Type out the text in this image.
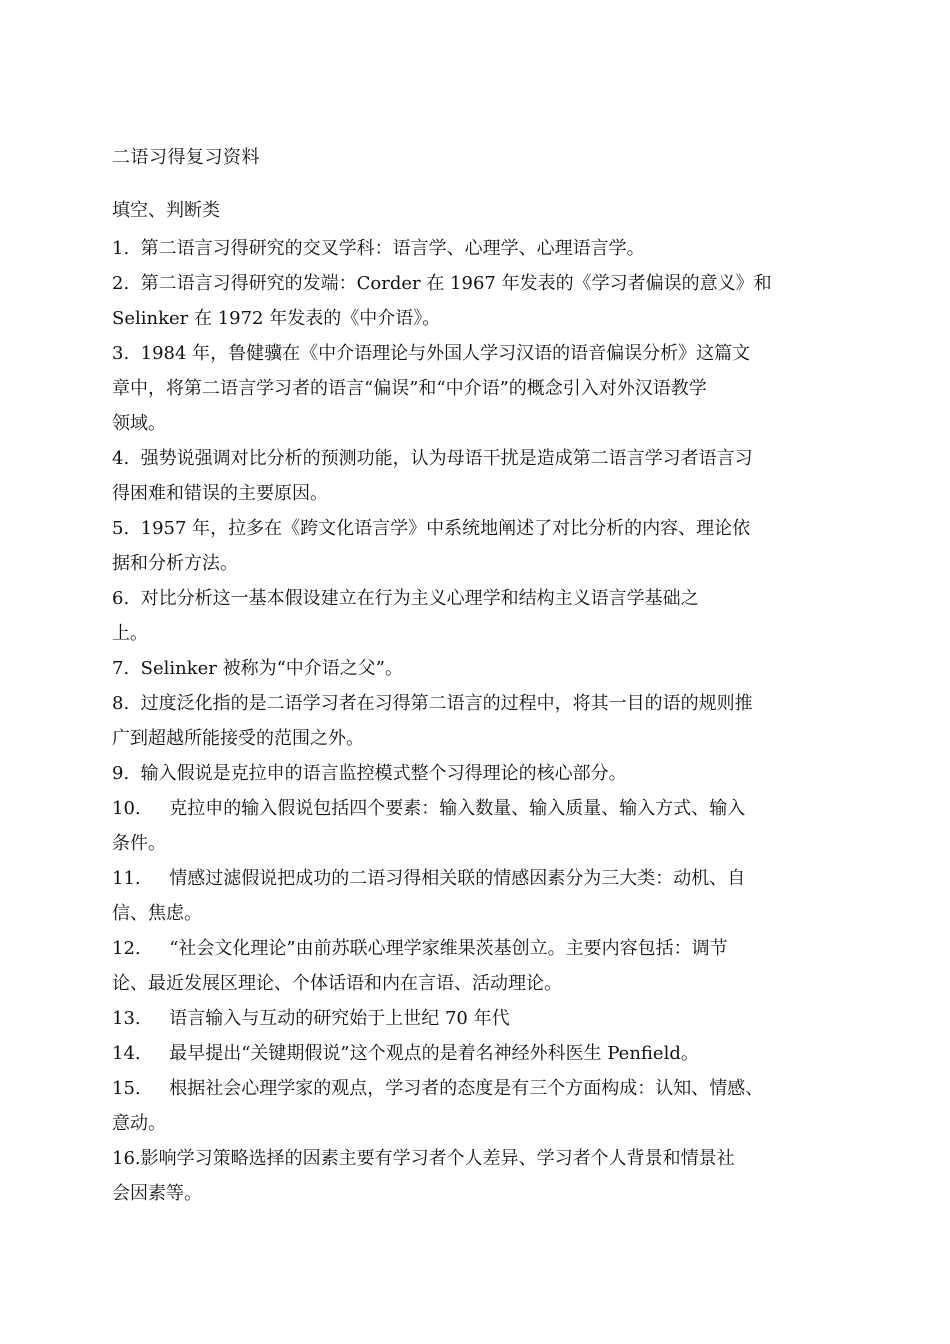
二语习得复习资料
填空、判断类
1.  第二语言习得研究的交叉学科：语言学、心理学、心理语言学。
2.  第二语言习得研究的发端：Corder 在 1967 年发表的《学习者偏误的意义》和
Selinker 在 1972 年发表的《中介语》。
3.  1984 年，鲁健骥在《中介语理论与外国人学习汉语的语音偏误分析》这篇文
章中，将第二语言学习者的语言“偏误”和“中介语”的概念引入对外汉语教学
领域。
4.  强势说强调对比分析的预测功能，认为母语干扰是造成第二语言学习者语言习
得困难和错误的主要原因。
5.  1957 年，拉多在《跨文化语言学》中系统地阐述了对比分析的内容、理论依
据和分析方法。
6.  对比分析这一基本假设建立在行为主义心理学和结构主义语言学基础之
上。
7.  Selinker 被称为“中介语之父”。
8.  过度泛化指的是二语学习者在习得第二语言的过程中，将其一目的语的规则推
广到超越所能接受的范围之外。
9.  输入假说是克拉申的语言监控模式整个习得理论的核心部分。
10.     克拉申的输入假说包括四个要素：输入数量、输入质量、输入方式、输入
条件。
11.     情感过滤假说把成功的二语习得相关联的情感因素分为三大类：动机、自
信、焦虑。
12.     “社会文化理论”由前苏联心理学家维果茨基创立。主要内容包括：调节
论、最近发展区理论、个体话语和内在言语、活动理论。
13.     语言输入与互动的研究始于上世纪 70 年代
14.     最早提出“关键期假说”这个观点的是着名神经外科医生 Penfield。
15.     根据社会心理学家的观点，学习者的态度是有三个方面构成：认知、情感、
意动。
16.影响学习策略选择的因素主要有学习者个人差异、学习者个人背景和情景社
会因素等。
